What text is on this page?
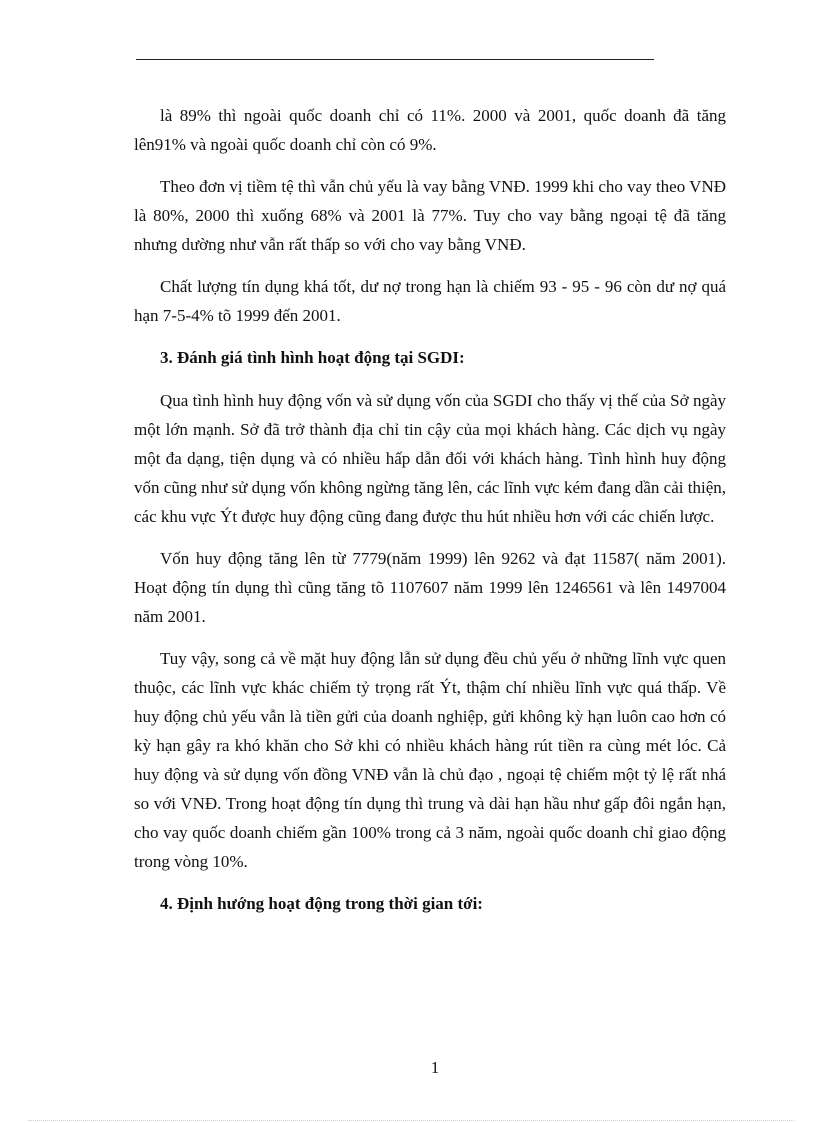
là 89% thì ngoài quốc doanh chỉ có 11%. 2000 và 2001, quốc doanh đã tăng lên91% và ngoài quốc doanh chỉ còn có 9%.

Theo đơn vị tiềm tệ thì vẫn chủ yếu là vay bằng VNĐ. 1999 khi cho vay theo VNĐ là 80%, 2000 thì xuống 68% và 2001 là 77%. Tuy cho vay bằng ngoại tệ đã tăng nhưng dường như vẫn rất thấp so với cho vay bằng VNĐ.

Chất lượng tín dụng khá tốt, dư nợ trong hạn là chiếm 93 - 95 - 96 còn dư nợ quá hạn 7-5-4% tõ 1999 đến 2001.

3. Đánh giá tình hình hoạt động tại SGDI:

Qua tình hình huy động vốn và sử dụng vốn của SGDI cho thấy vị thế của Sở ngày một lớn mạnh. Sở đã trở thành địa chỉ tin cậy của mọi khách hàng. Các dịch vụ ngày một đa dạng, tiện dụng và có nhiều hấp dẫn đối với khách hàng. Tình hình huy động vốn cũng như sử dụng vốn không ngừng tăng lên, các lĩnh vực kém đang dần cải thiện, các khu vực Ýt được huy động cũng đang được thu hút nhiều hơn với các chiến lược.

Vốn huy động tăng lên từ 7779(năm 1999) lên 9262 và đạt 11587( năm 2001). Hoạt động tín dụng thì cũng tăng tõ 1107607 năm 1999 lên 1246561 và lên 1497004 năm 2001.

Tuy vậy, song cả về mặt huy động lẫn sử dụng đều chủ yếu ở những lĩnh vực quen thuộc, các lĩnh vực khác chiếm tỷ trọng rất Ýt, thậm chí nhiều lĩnh vực quá thấp. Về huy động chủ yếu vẫn là tiền gửi của doanh nghiệp, gửi không kỳ hạn luôn cao hơn có kỳ hạn gây ra khó khăn cho Sở khi có nhiều khách hàng rút tiền ra cùng mét lóc. Cả huy động và sử dụng vốn đồng VNĐ vẫn là chủ đạo , ngoại tệ chiếm một tỷ lệ rất nhá so với VNĐ. Trong hoạt động tín dụng thì trung và dài hạn hầu như gấp đôi ngắn hạn, cho vay quốc doanh chiếm gần 100% trong cả 3 năm, ngoài quốc doanh chỉ giao động trong vòng 10%.

4. Định hướng hoạt động trong thời gian tới:

1
